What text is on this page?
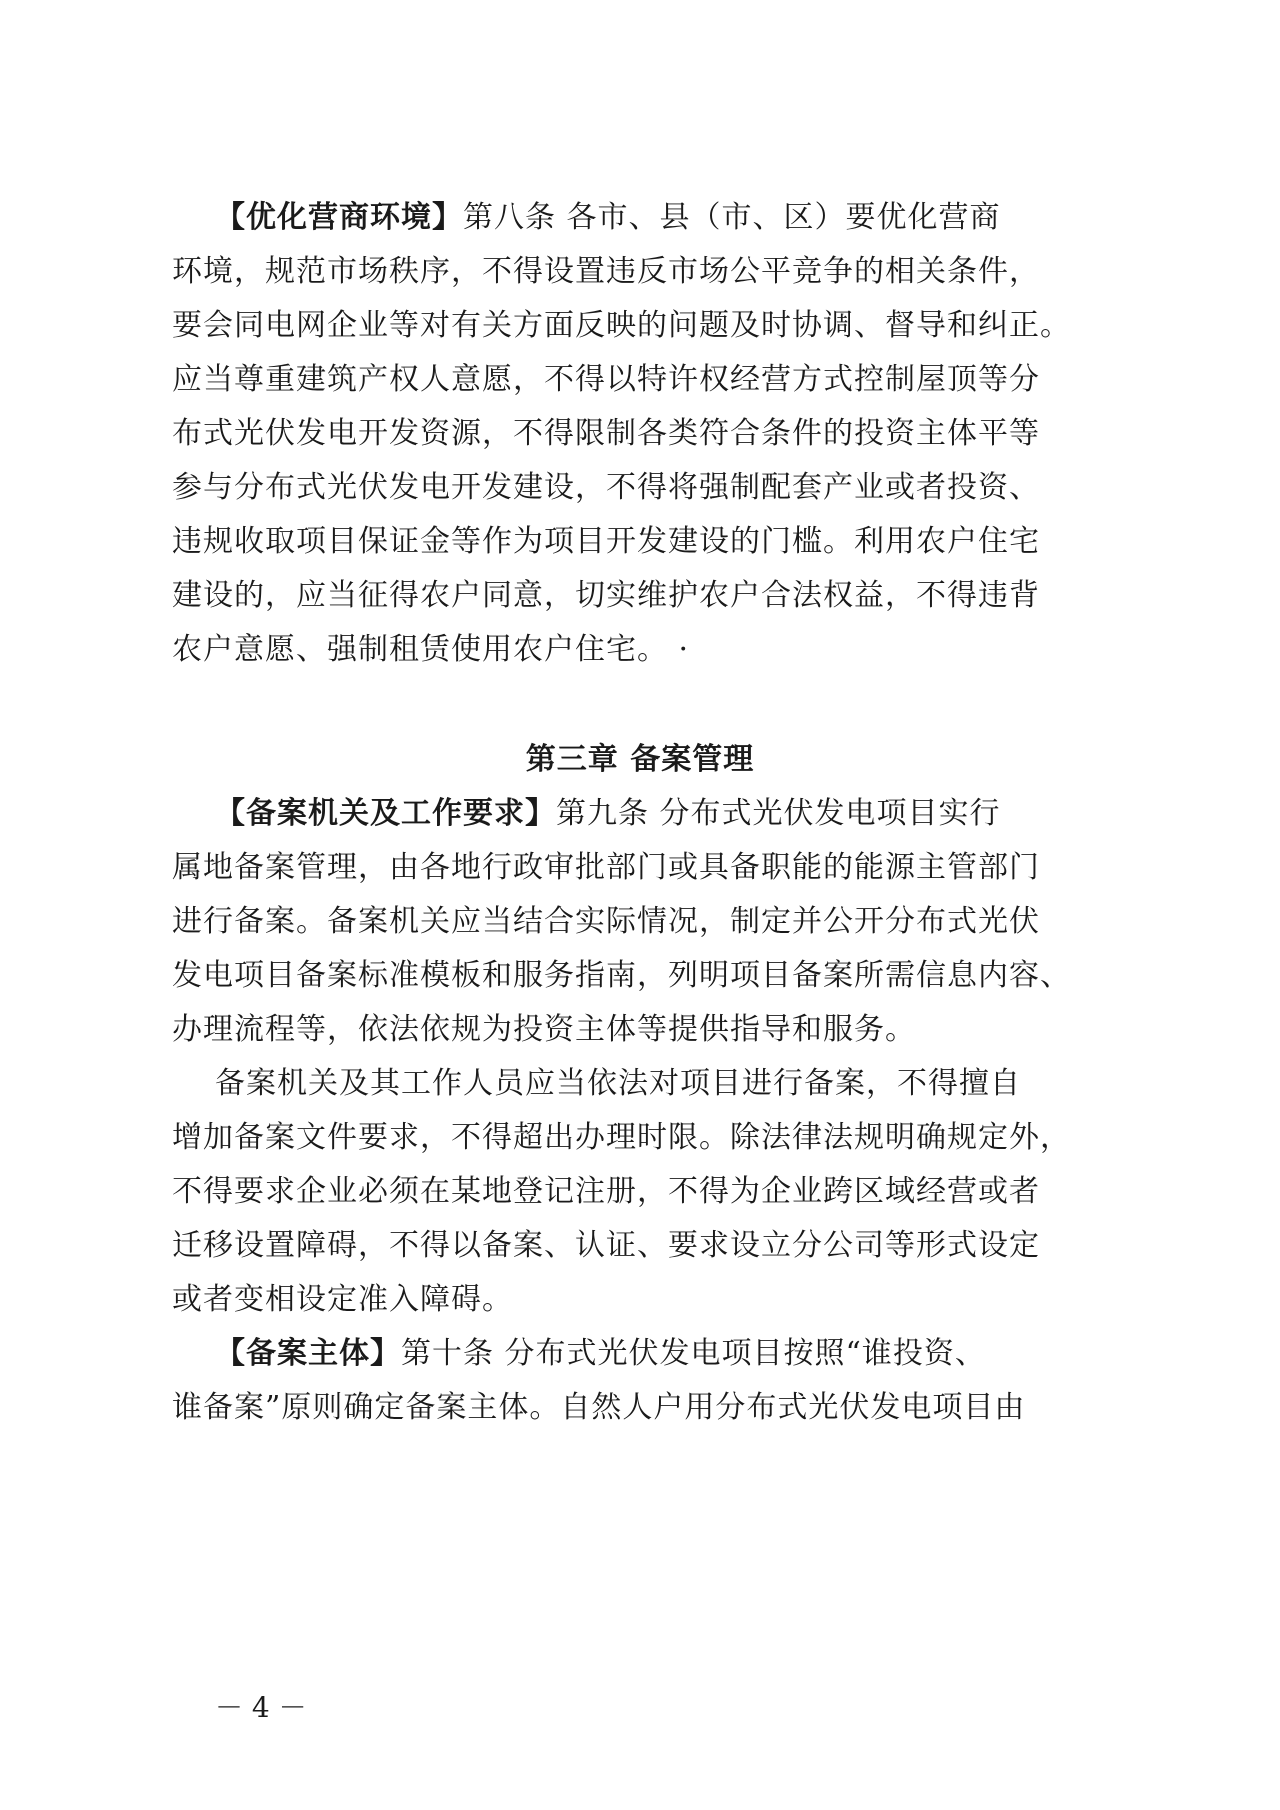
【优化营商环境】第八条 各市、县（市、区）要优化营商
环境，规范市场秩序，不得设置违反市场公平竞争的相关条件，
要会同电网企业等对有关方面反映的问题及时协调、督导和纠正。
应当尊重建筑产权人意愿，不得以特许权经营方式控制屋顶等分
布式光伏发电开发资源，不得限制各类符合条件的投资主体平等
参与分布式光伏发电开发建设，不得将强制配套产业或者投资、
违规收取项目保证金等作为项目开发建设的门槛。利用农户住宅
建设的，应当征得农户同意，切实维护农户合法权益，不得违背
农户意愿、强制租赁使用农户住宅。 ·
第三章 备案管理
【备案机关及工作要求】第九条 分布式光伏发电项目实行
属地备案管理，由各地行政审批部门或具备职能的能源主管部门
进行备案。备案机关应当结合实际情况，制定并公开分布式光伏
发电项目备案标准模板和服务指南，列明项目备案所需信息内容、
办理流程等，依法依规为投资主体等提供指导和服务。
备案机关及其工作人员应当依法对项目进行备案，不得擅自
增加备案文件要求，不得超出办理时限。除法律法规明确规定外，
不得要求企业必须在某地登记注册，不得为企业跨区域经营或者
迁移设置障碍，不得以备案、认证、要求设立分公司等形式设定
或者变相设定准入障碍。
【备案主体】第十条 分布式光伏发电项目按照“谁投资、
谁备案”原则确定备案主体。自然人户用分布式光伏发电项目由
－ 4 －
